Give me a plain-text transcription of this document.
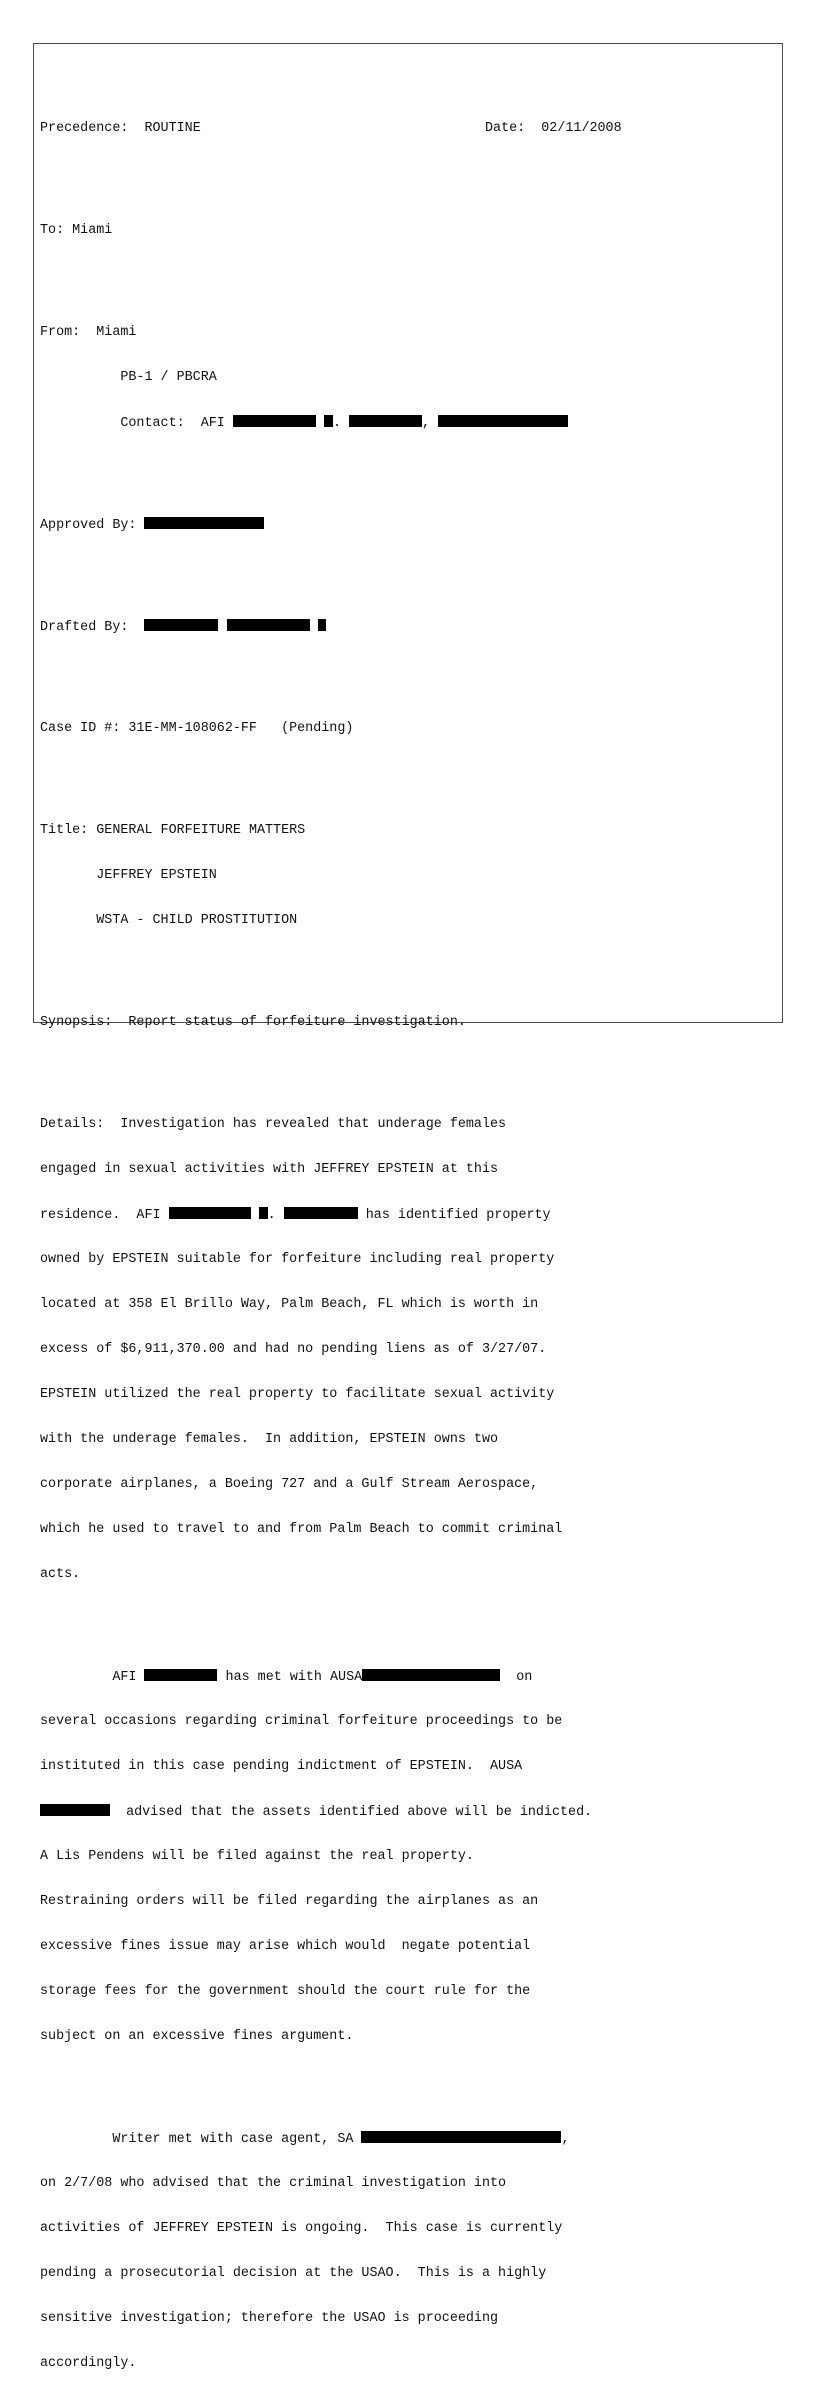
Precedence: ROUTINE	Date: 02/11/2008

To: Miami

From: Miami

PB-1 / PBCRA

Contact: AFI	.	,

Approved By:

Drafted By:

Case ID #: 31E-MM-108062-FF   (Pending)

Title: GENERAL FORFEITURE MATTERS

JEFFREY EPSTEIN

WSTA - CHILD PROSTITUTION

Synopsis:  Report status of forfeiture investigation.

Details:  Investigation has revealed that underage females

engaged in sexual activities with JEFFREY EPSTEIN at this

residence.  AFI	.	has identified property

owned by EPSTEIN suitable for forfeiture including real property

located at 358 El Brillo Way, Palm Beach, FL which is worth in

excess of $6,911,370.00 and had no pending liens as of 3/27/07.

EPSTEIN utilized the real property to facilitate sexual activity

with the underage females.  In addition, EPSTEIN owns two

corporate airplanes, a Boeing 727 and a Gulf Stream Aerospace,

which he used to travel to and from Palm Beach to commit criminal

acts.

AFI	has met with AUSA	on

several occasions regarding criminal forfeiture proceedings to be

instituted in this case pending indictment of EPSTEIN.  AUSA

advised that the assets identified above will be indicted.

A Lis Pendens will be filed against the real property.

Restraining orders will be filed regarding the airplanes as an

excessive fines issue may arise which would  negate potential

storage fees for the government should the court rule for the

subject on an excessive fines argument.

Writer met with case agent, SA	,

on 2/7/08 who advised that the criminal investigation into

activities of JEFFREY EPSTEIN is ongoing.  This case is currently

pending a prosecutorial decision at the USAO.  This is a highly

sensitive investigation; therefore the USAO is proceeding

accordingly.
